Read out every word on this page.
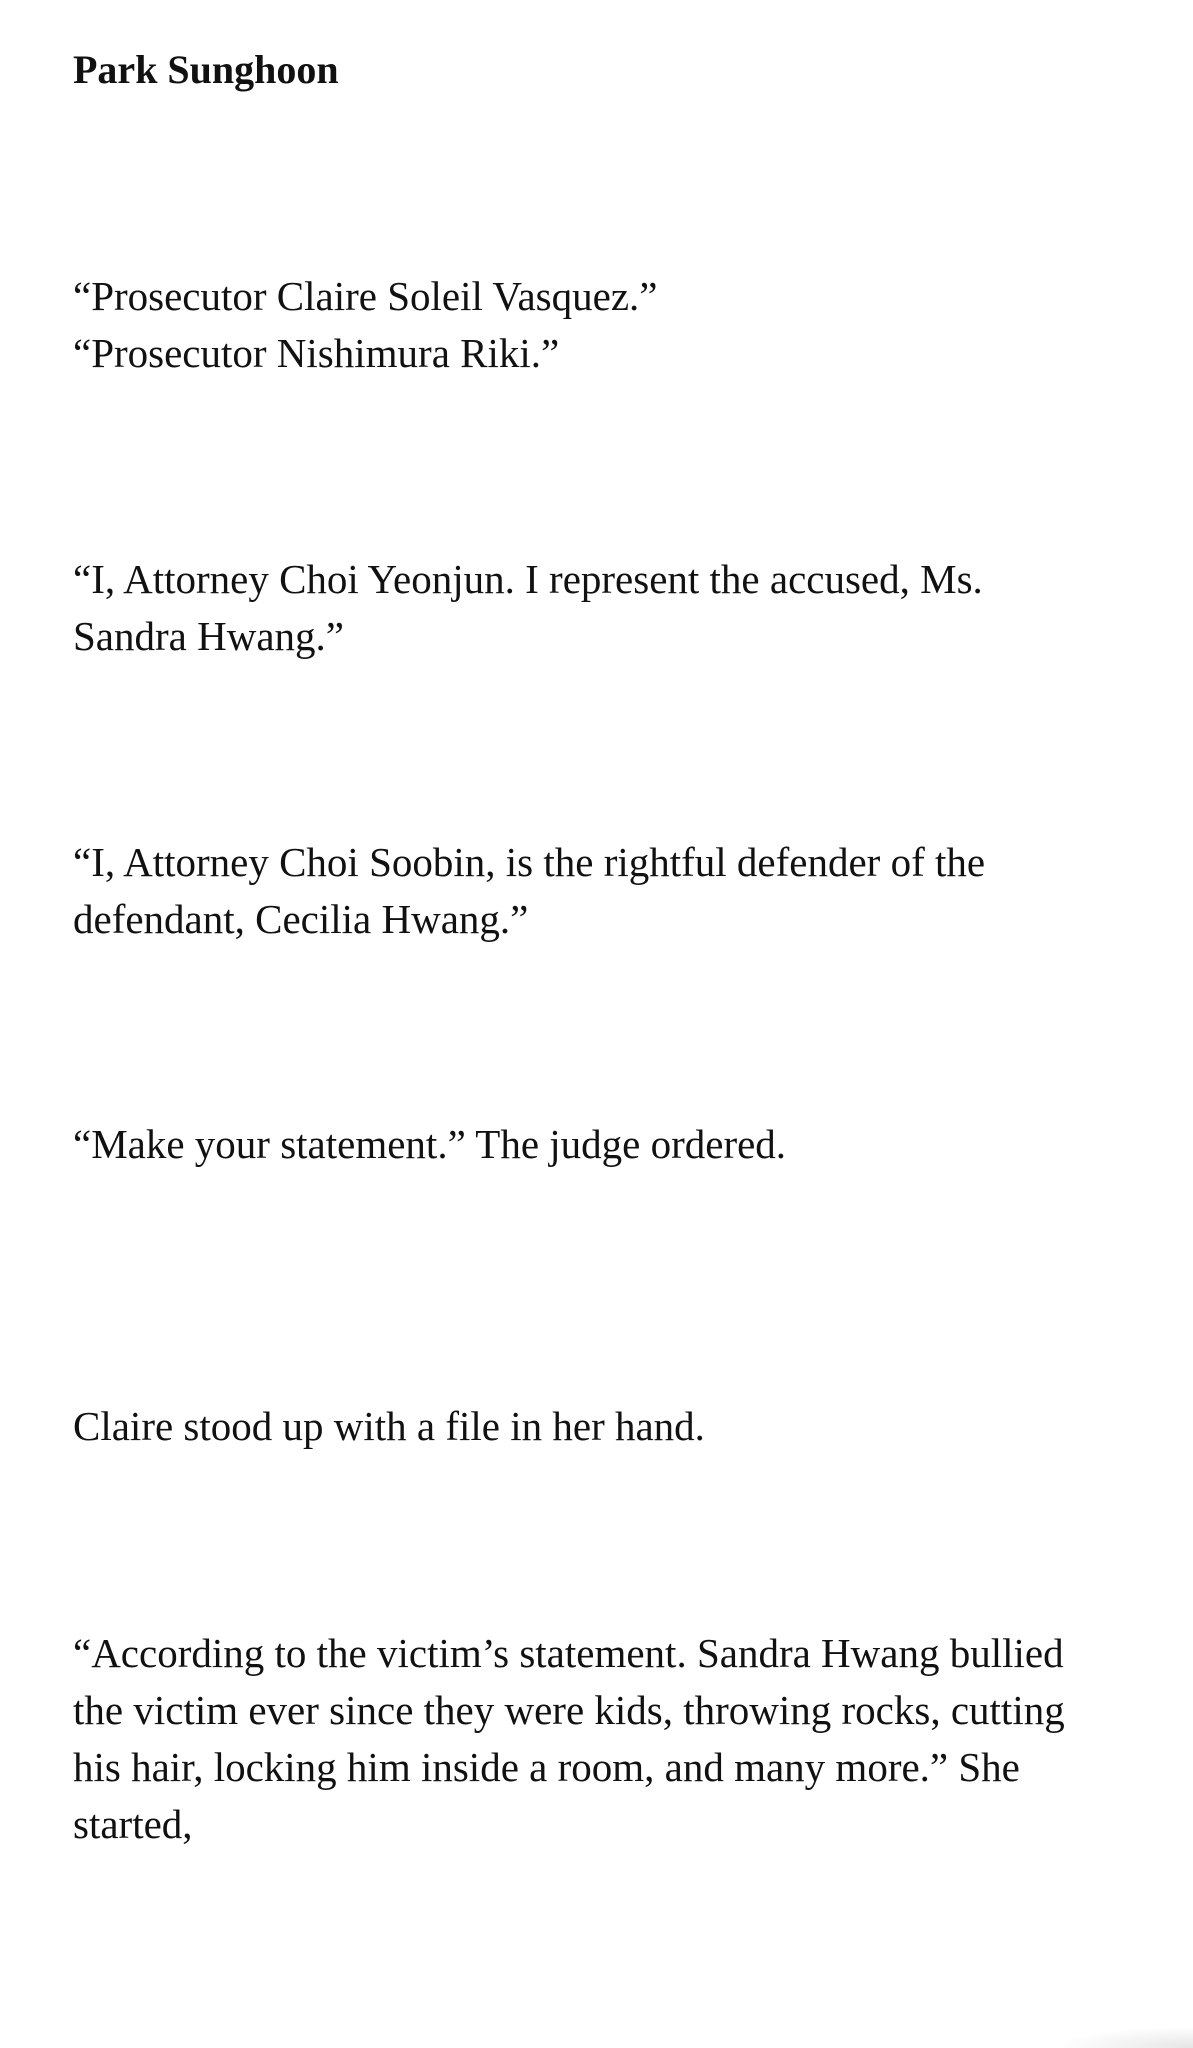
Park Sunghoon

“Prosecutor Claire Soleil Vasquez.”
“Prosecutor Nishimura Riki.”

“I, Attorney Choi Yeonjun. I represent the accused, Ms.
Sandra Hwang.”

“I, Attorney Choi Soobin, is the rightful defender of the
defendant, Cecilia Hwang.”

“Make your statement.” The judge ordered.

Claire stood up with a file in her hand.

“According to the victim’s statement. Sandra Hwang bullied
the victim ever since they were kids, throwing rocks, cutting
his hair, locking him inside a room, and many more.” She
started,
